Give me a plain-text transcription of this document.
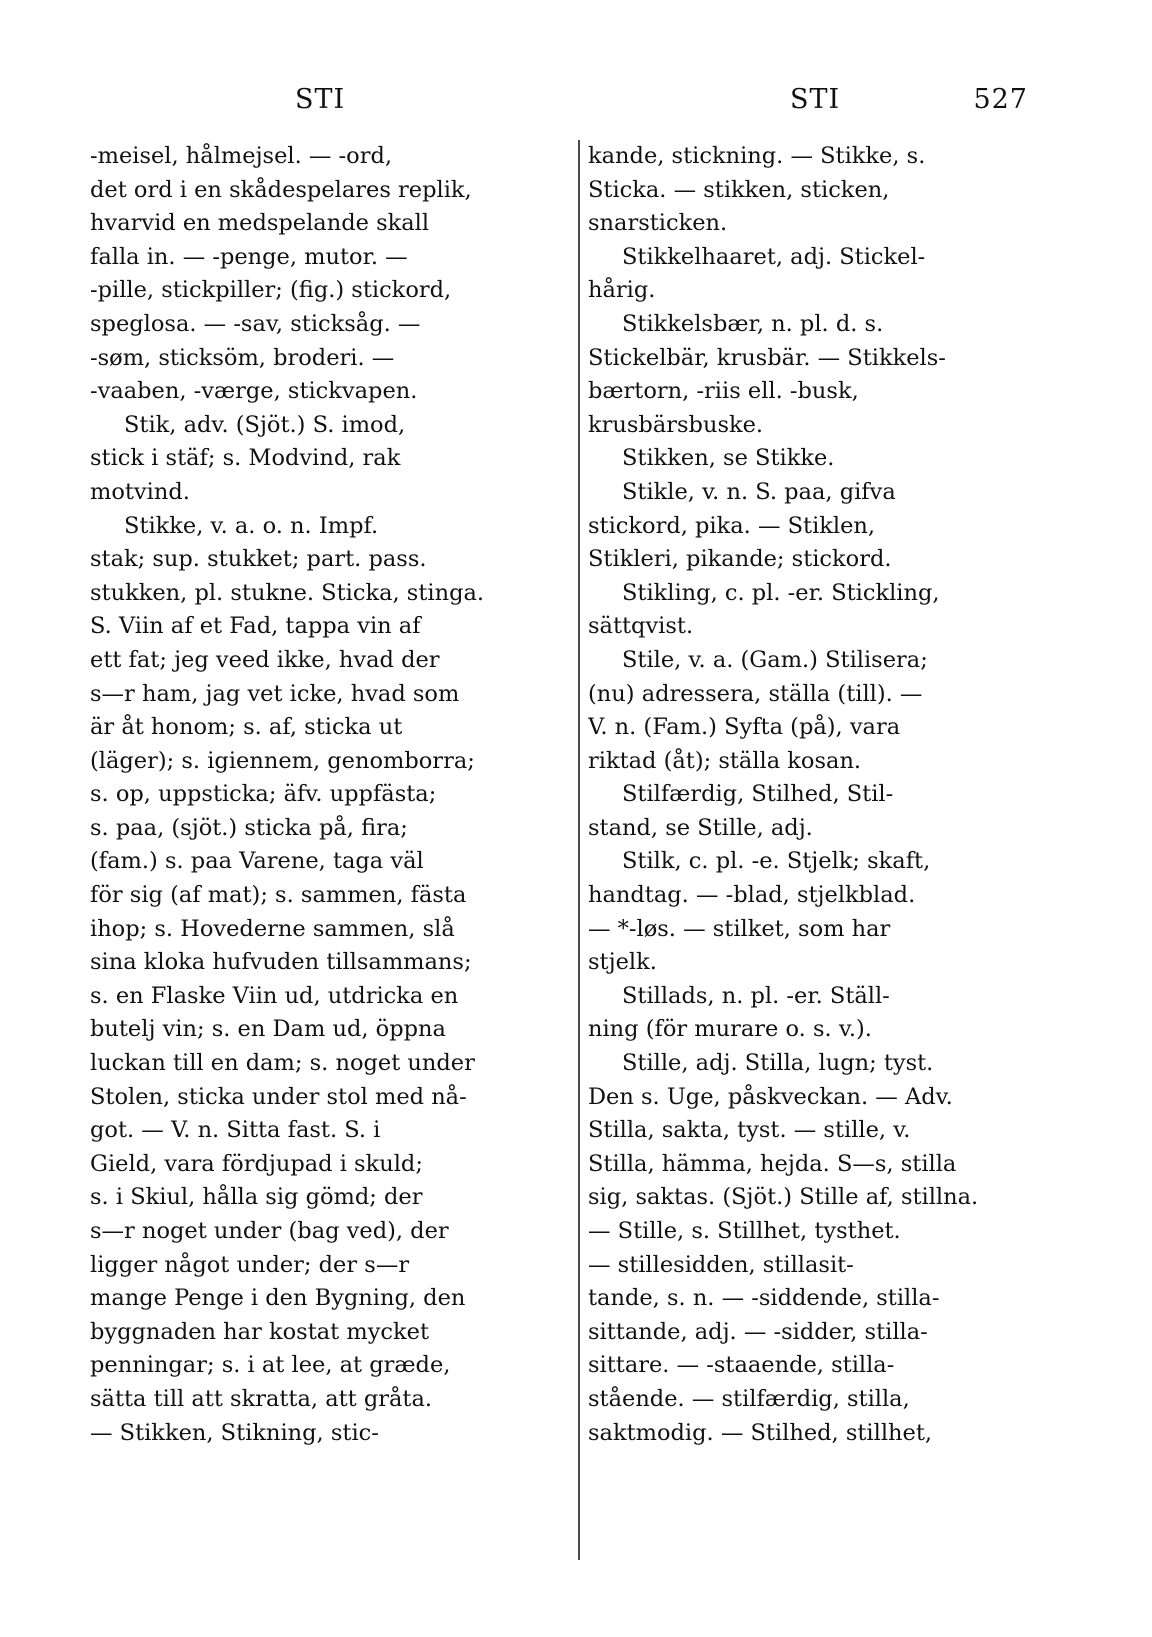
STI	STI	527
-meisel, hålmejsel. — -ord,
det ord i en skådespelares replik,
hvarvid en medspelande skall
falla in. — -penge, mutor. —
-pille, stickpiller; (fig.) stickord,
speglosa. — -sav, sticksåg. —
-søm, sticksöm, broderi. —
-vaaben, -værge, stickvapen.
Stik, adv. (Sjöt.) S. imod,
stick i stäf; s. Modvind, rak
motvind.
Stikke, v. a. o. n. Impf.
stak; sup. stukket; part. pass.
stukken, pl. stukne. Sticka, stinga.
S. Viin af et Fad, tappa vin af
ett fat; jeg veed ikke, hvad der
s—r ham, jag vet icke, hvad som
är åt honom; s. af, sticka ut
(läger); s. igiennem, genomborra;
s. op, uppsticka; äfv. uppfästa;
s. paa, (sjöt.) sticka på, fira;
(fam.) s. paa Varene, taga väl
för sig (af mat); s. sammen, fästa
ihop; s. Hovederne sammen, slå
sina kloka hufvuden tillsammans;
s. en Flaske Viin ud, utdricka en
butelj vin; s. en Dam ud, öppna
luckan till en dam; s. noget under
Stolen, sticka under stol med nå-
got. — V. n. Sitta fast. S. i
Gield, vara fördjupad i skuld;
s. i Skiul, hålla sig gömd; der
s—r noget under (bag ved), der
ligger något under; der s—r
mange Penge i den Bygning, den
byggnaden har kostat mycket
penningar; s. i at lee, at græde,
sätta till att skratta, att gråta.
— Stikken, Stikning, stic-
kande, stickning. — Stikke, s.
Sticka. — stikken, sticken,
snarsticken.
Stikkelhaaret, adj. Stickel-
hårig.
Stikkelsbær, n. pl. d. s.
Stickelbär, krusbär. — Stikkels-
bærtorn, -riis ell. -busk,
krusbärsbuske.
Stikken, se Stikke.
Stikle, v. n. S. paa, gifva
stickord, pika. — Stiklen,
Stikleri, pikande; stickord.
Stikling, c. pl. -er. Stickling,
sättqvist.
Stile, v. a. (Gam.) Stilisera;
(nu) adressera, ställa (till). —
V. n. (Fam.) Syfta (på), vara
riktad (åt); ställa kosan.
Stilfærdig, Stilhed, Stil-
stand, se Stille, adj.
Stilk, c. pl. -e. Stjelk; skaft,
handtag. — -blad, stjelkblad.
— *-løs. — stilket, som har
stjelk.
Stillads, n. pl. -er. Ställ-
ning (för murare o. s. v.).
Stille, adj. Stilla, lugn; tyst.
Den s. Uge, påskveckan. — Adv.
Stilla, sakta, tyst. — stille, v.
Stilla, hämma, hejda. S—s, stilla
sig, saktas. (Sjöt.) Stille af, stillna.
— Stille, s. Stillhet, tysthet.
— stillesidden, stillasit-
tande, s. n. — -siddende, stilla-
sittande, adj. — -sidder, stilla-
sittare. — -staaende, stilla-
stående. — stilfærdig, stilla,
saktmodig. — Stilhed, stillhet,
